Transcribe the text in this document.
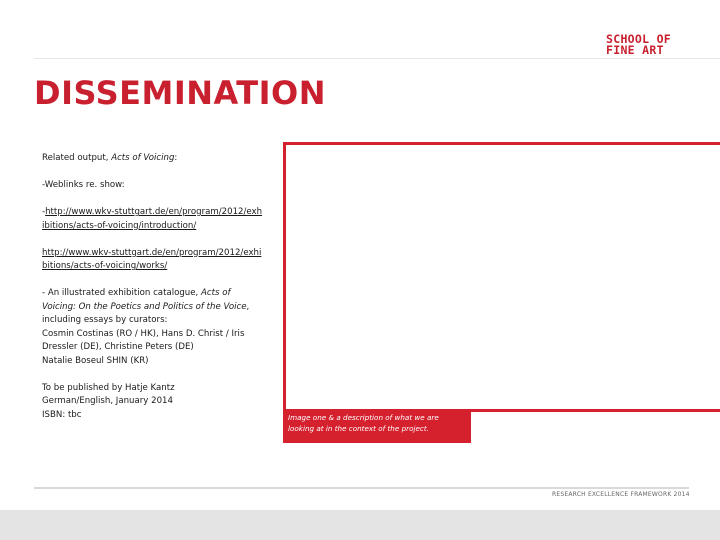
SCHOOL OF
FINE ART
DISSEMINATION

Related output, Acts of Voicing:

-Weblinks re. show:

-http://www.wkv-stuttgart.de/en/program/2012/exhibitions/acts-of-voicing/introduction/

http://www.wkv-stuttgart.de/en/program/2012/exhibitions/acts-of-voicing/works/

- An illustrated exhibition catalogue, Acts of Voicing: On the Poetics and Politics of the Voice, including essays by curators:
Cosmin Costinas (RO / HK), Hans D. Christ / Iris Dressler (DE), Christine Peters (DE)
Natalie Boseul SHIN (KR)

To be published by Hatje Kantz
German/English, January 2014
ISBN: tbc	Image one & a description of what we are looking at in the context of the project.

RESEARCH EXCELLENCE FRAMEWORK 2014
